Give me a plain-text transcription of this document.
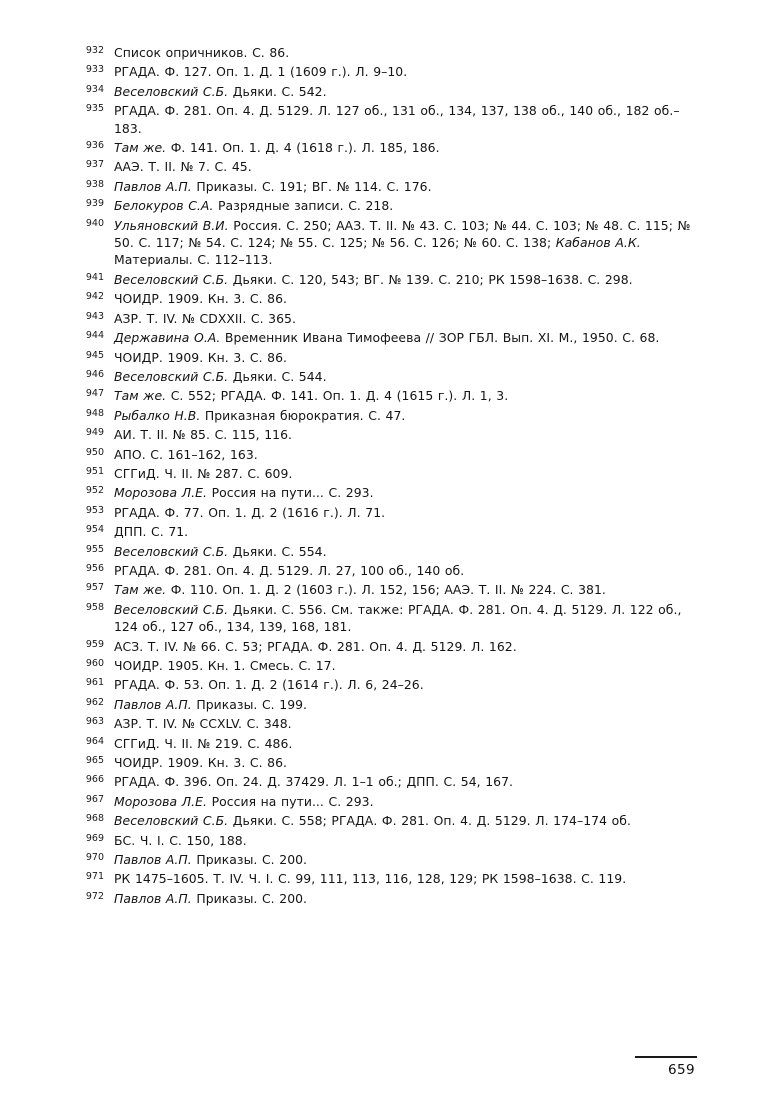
932 Список опричников. С. 86.
933 РГАДА. Ф. 127. Оп. 1. Д. 1 (1609 г.). Л. 9–10.
934 Веселовский С.Б. Дьяки. С. 542.
935 РГАДА. Ф. 281. Оп. 4. Д. 5129. Л. 127 об., 131 об., 134, 137, 138 об., 140 об., 182 об.–183.
936 Там же. Ф. 141. Оп. 1. Д. 4 (1618 г.). Л. 185, 186.
937 ААЭ. Т. II. № 7. С. 45.
938 Павлов А.П. Приказы. С. 191; ВГ. № 114. С. 176.
939 Белокуров С.А. Разрядные записи. С. 218.
940 Ульяновский В.И. Россия. С. 250; ААЗ. Т. II. № 43. С. 103; № 44. С. 103; № 48. С. 115; № 50. С. 117; № 54. С. 124; № 55. С. 125; № 56. С. 126; № 60. С. 138; Кабанов А.К. Материалы. С. 112–113.
941 Веселовский С.Б. Дьяки. С. 120, 543; ВГ. № 139. С. 210; РК 1598–1638. С. 298.
942 ЧОИДР. 1909. Кн. 3. С. 86.
943 АЗР. Т. IV. № CDXXII. С. 365.
944 Державина О.А. Временник Ивана Тимофеева // ЗОР ГБЛ. Вып. XI. М., 1950. С. 68.
945 ЧОИДР. 1909. Кн. 3. С. 86.
946 Веселовский С.Б. Дьяки. С. 544.
947 Там же. С. 552; РГАДА. Ф. 141. Оп. 1. Д. 4 (1615 г.). Л. 1, 3.
948 Рыбалко Н.В. Приказная бюрократия. С. 47.
949 АИ. Т. II. № 85. С. 115, 116.
950 АПО. С. 161–162, 163.
951 СГГиД. Ч. II. № 287. С. 609.
952 Морозова Л.Е. Россия на пути... С. 293.
953 РГАДА. Ф. 77. Оп. 1. Д. 2 (1616 г.). Л. 71.
954 ДПП. С. 71.
955 Веселовский С.Б. Дьяки. С. 554.
956 РГАДА. Ф. 281. Оп. 4. Д. 5129. Л. 27, 100 об., 140 об.
957 Там же. Ф. 110. Оп. 1. Д. 2 (1603 г.). Л. 152, 156; ААЭ. Т. II. № 224. С. 381.
958 Веселовский С.Б. Дьяки. С. 556. См. также: РГАДА. Ф. 281. Оп. 4. Д. 5129. Л. 122 об., 124 об., 127 об., 134, 139, 168, 181.
959 АСЗ. Т. IV. № 66. С. 53; РГАДА. Ф. 281. Оп. 4. Д. 5129. Л. 162.
960 ЧОИДР. 1905. Кн. 1. Смесь. С. 17.
961 РГАДА. Ф. 53. Оп. 1. Д. 2 (1614 г.). Л. 6, 24–26.
962 Павлов А.П. Приказы. С. 199.
963 АЗР. Т. IV. № CCXLV. С. 348.
964 СГГиД. Ч. II. № 219. С. 486.
965 ЧОИДР. 1909. Кн. 3. С. 86.
966 РГАДА. Ф. 396. Оп. 24. Д. 37429. Л. 1–1 об.; ДПП. С. 54, 167.
967 Морозова Л.Е. Россия на пути... С. 293.
968 Веселовский С.Б. Дьяки. С. 558; РГАДА. Ф. 281. Оп. 4. Д. 5129. Л. 174–174 об.
969 БС. Ч. I. С. 150, 188.
970 Павлов А.П. Приказы. С. 200.
971 РК 1475–1605. Т. IV. Ч. I. С. 99, 111, 113, 116, 128, 129; РК 1598–1638. С. 119.
972 Павлов А.П. Приказы. С. 200.
659
